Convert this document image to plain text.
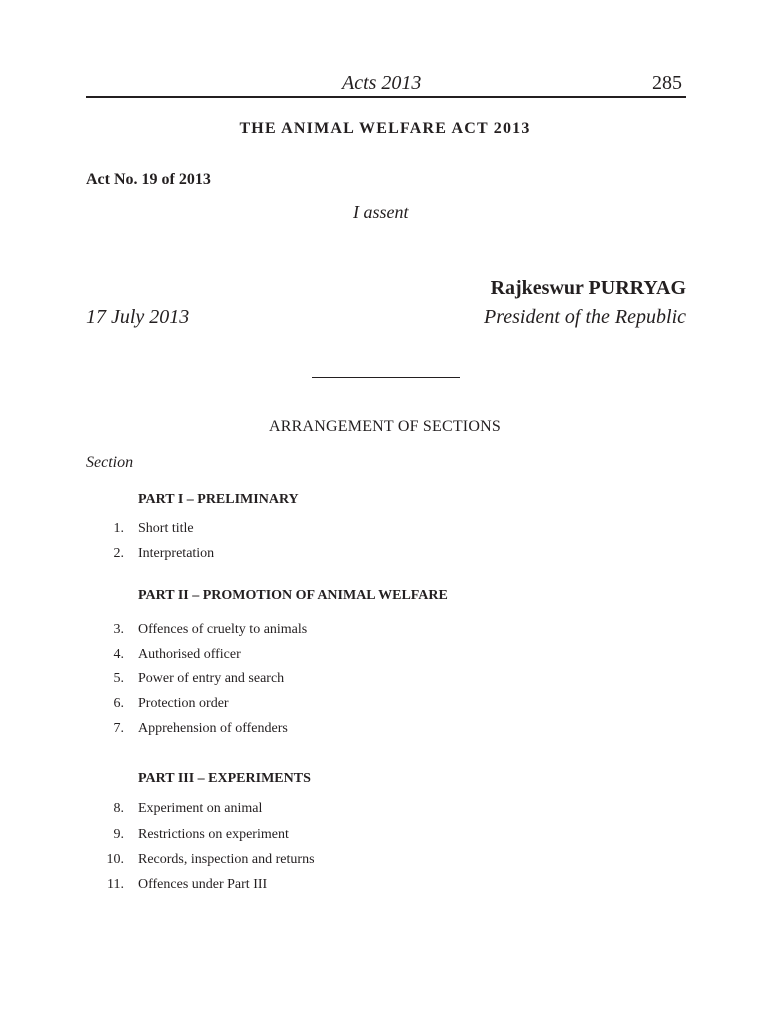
Acts 2013	285
THE ANIMAL WELFARE ACT 2013
Act No. 19 of 2013
I assent
Rajkeswur PURRYAG
17 July 2013	President of the Republic
ARRANGEMENT OF SECTIONS
Section
PART I – PRELIMINARY
1. Short title
2. Interpretation
PART II – PROMOTION OF ANIMAL WELFARE
3. Offences of cruelty to animals
4. Authorised officer
5. Power of entry and search
6. Protection order
7. Apprehension of offenders
PART III – EXPERIMENTS
8. Experiment on animal
9. Restrictions on experiment
10. Records, inspection and returns
11. Offences under Part III
